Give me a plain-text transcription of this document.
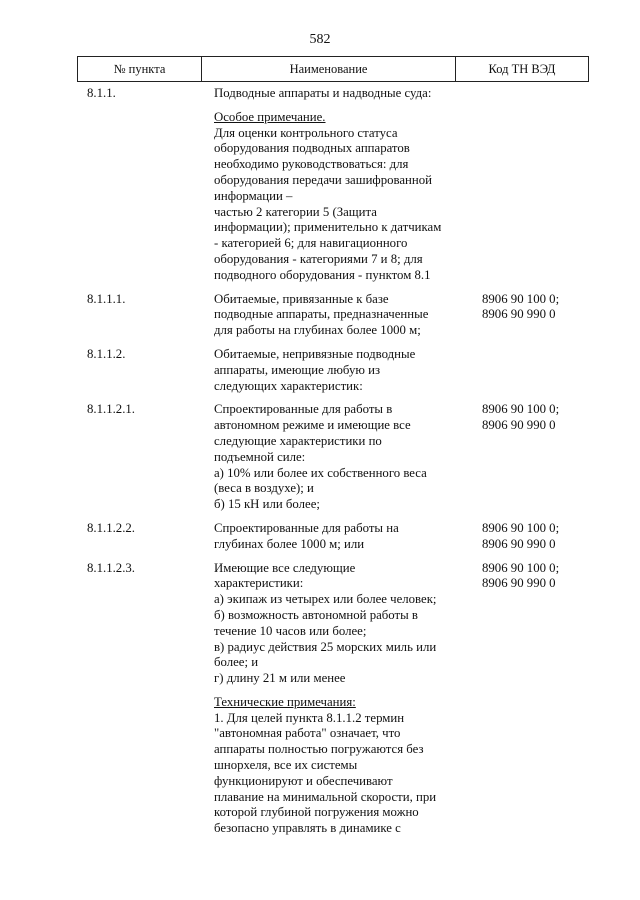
582
№ пункта	Наименование	Код ТН ВЭД
8.1.1.	Подводные аппараты и надводные суда:
Особое примечание.
Для оценки контрольного статуса
оборудования подводных аппаратов
необходимо руководствоваться: для
оборудования передачи зашифрованной
информации –
частью 2 категории 5 (Защита
информации); применительно к датчикам
- категорией 6; для навигационного
оборудования - категориями 7 и 8; для
подводного оборудования - пунктом 8.1
8.1.1.1.	Обитаемые, привязанные к базе
подводные аппараты, предназначенные
для работы на глубинах более 1000 м;
8906 90 100 0;
8906 90 990 0
8.1.1.2.	Обитаемые, непривязные подводные
аппараты, имеющие любую из
следующих характеристик:
8.1.1.2.1.	Спроектированные для работы в
автономном режиме и имеющие все
следующие характеристики по
подъемной силе:
а) 10% или более их собственного веса
(веса в воздухе); и
б) 15 кН или более;
8906 90 100 0;
8906 90 990 0
8.1.1.2.2.	Спроектированные для работы на
глубинах более 1000 м; или
8906 90 100 0;
8906 90 990 0
8.1.1.2.3.	Имеющие все следующие
характеристики:
а) экипаж из четырех или более человек;
б) возможность автономной работы в
течение 10 часов или более;
в) радиус действия 25 морских миль или
более; и
г) длину 21 м или менее
8906 90 100 0;
8906 90 990 0
Технические примечания:
1. Для целей пункта 8.1.1.2 термин
"автономная работа" означает, что
аппараты полностью погружаются без
шнорхеля, все их системы
функционируют и обеспечивают
плавание на минимальной скорости, при
которой глубиной погружения можно
безопасно управлять в динамике с
